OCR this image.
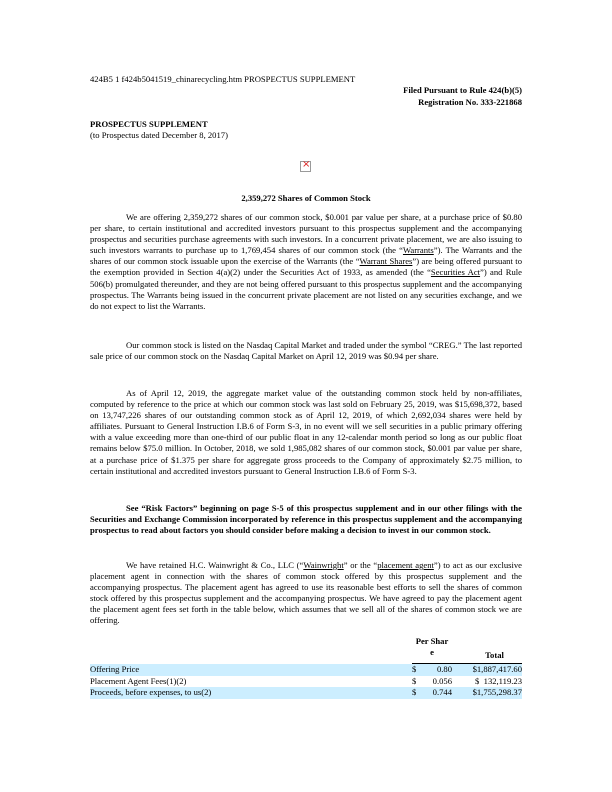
424B5 1 f424b5041519_chinarecycling.htm PROSPECTUS SUPPLEMENT
Filed Pursuant to Rule 424(b)(5)
Registration No. 333-221868
PROSPECTUS SUPPLEMENT
(to Prospectus dated December 8, 2017)
×
2,359,272 Shares of Common Stock

We are offering 2,359,272 shares of our common stock, $0.001 par value per share, at a purchase price of $0.80 per share, to certain institutional and accredited investors pursuant to this prospectus supplement and the accompanying prospectus and securities purchase agreements with such investors. In a concurrent private placement, we are also issuing to such investors warrants to purchase up to 1,769,454 shares of our common stock (the “Warrants”). The Warrants and the shares of our common stock issuable upon the exercise of the Warrants (the “Warrant Shares”) are being offered pursuant to the exemption provided in Section 4(a)(2) under the Securities Act of 1933, as amended (the “Securities Act”) and Rule 506(b) promulgated thereunder, and they are not being offered pursuant to this prospectus supplement and the accompanying prospectus. The Warrants being issued in the concurrent private placement are not listed on any securities exchange, and we do not expect to list the Warrants.

Our common stock is listed on the Nasdaq Capital Market and traded under the symbol “CREG.” The last reported sale price of our common stock on the Nasdaq Capital Market on April 12, 2019 was $0.94 per share.

As of April 12, 2019, the aggregate market value of the outstanding common stock held by non-affiliates, computed by reference to the price at which our common stock was last sold on February 25, 2019, was $15,698,372, based on 13,747,226 shares of our outstanding common stock as of April 12, 2019, of which 2,692,034 shares were held by affiliates. Pursuant to General Instruction I.B.6 of Form S-3, in no event will we sell securities in a public primary offering with a value exceeding more than one-third of our public float in any 12-calendar month period so long as our public float remains below $75.0 million. In October, 2018, we sold 1,985,082 shares of our common stock, $0.001 par value per share, at a purchase price of $1.375 per share for aggregate gross proceeds to the Company of approximately $2.75 million, to certain institutional and accredited investors pursuant to General Instruction I.B.6 of Form S-3.

See “Risk Factors” beginning on page S-5 of this prospectus supplement and in our other filings with the Securities and Exchange Commission incorporated by reference in this prospectus supplement and the accompanying prospectus to read about factors you should consider before making a decision to invest in our common stock.

We have retained H.C. Wainwright & Co., LLC (“Wainwright” or the “placement agent”) to act as our exclusive placement agent in connection with the shares of common stock offered by this prospectus supplement and the accompanying prospectus. The placement agent has agreed to use its reasonable best efforts to sell the shares of common stock offered by this prospectus supplement and the accompanying prospectus. We have agreed to pay the placement agent the placement agent fees set forth in the table below, which assumes that we sell all of the shares of common stock we are offering.

Per Shar
e	Total
Offering Price	$	0.80	$1,887,417.60
Placement Agent Fees(1)(2)	$	0.056	$  132,119.23
Proceeds, before expenses, to us(2)	$	0.744	$1,755,298.37
